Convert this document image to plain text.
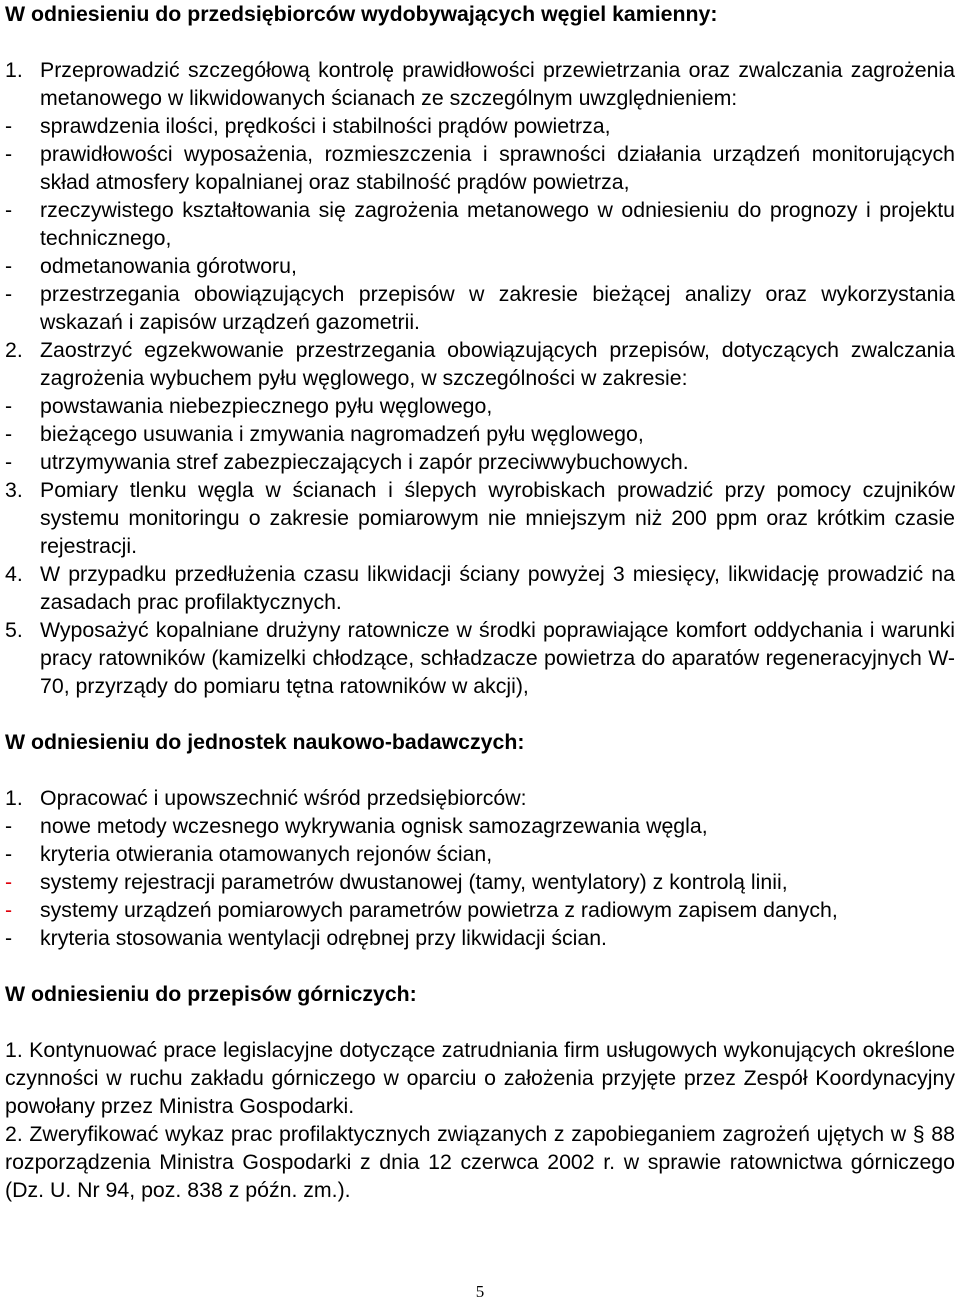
W odniesieniu do przedsiębiorców wydobywających węgiel kamienny:

1. Przeprowadzić szczegółową kontrolę prawidłowości przewietrzania oraz zwalczania zagrożenia metanowego w likwidowanych ścianach ze szczególnym uwzględnieniem:
-	sprawdzenia ilości, prędkości i stabilności prądów powietrza,
-	prawidłowości wyposażenia, rozmieszczenia i sprawności działania urządzeń monitorujących skład atmosfery kopalnianej oraz stabilność prądów powietrza,
-	rzeczywistego kształtowania się zagrożenia metanowego w odniesieniu do prognozy i projektu technicznego,
-	odmetanowania górotworu,
-	przestrzegania obowiązujących przepisów w zakresie bieżącej analizy oraz wykorzystania wskazań i zapisów urządzeń gazometrii.
2. Zaostrzyć egzekwowanie przestrzegania obowiązujących przepisów, dotyczących zwalczania zagrożenia wybuchem pyłu węglowego, w szczególności w zakresie:
-	powstawania niebezpiecznego pyłu węglowego,
-	bieżącego usuwania i zmywania nagromadzeń pyłu węglowego,
-	utrzymywania stref zabezpieczających i zapór przeciwwybuchowych.
3. Pomiary tlenku węgla w ścianach i ślepych wyrobiskach prowadzić przy pomocy czujników systemu monitoringu o zakresie pomiarowym nie mniejszym niż 200 ppm oraz krótkim czasie rejestracji.
4. W przypadku przedłużenia czasu likwidacji ściany powyżej 3 miesięcy, likwidację prowadzić na zasadach prac profilaktycznych.
5. Wyposażyć kopalniane drużyny ratownicze w środki poprawiające komfort oddychania i warunki pracy ratowników (kamizelki chłodzące, schładzacze powietrza do aparatów regeneracyjnych W-70, przyrządy do pomiaru tętna ratowników w akcji),

W odniesieniu do jednostek naukowo-badawczych:

1. Opracować i upowszechnić wśród przedsiębiorców:
-	nowe metody wczesnego wykrywania ognisk samozagrzewania węgla,
-	kryteria otwierania otamowanych rejonów ścian,
-	systemy rejestracji parametrów dwustanowej (tamy, wentylatory) z kontrolą linii,
-	systemy urządzeń pomiarowych parametrów powietrza z radiowym zapisem danych,
-	kryteria stosowania wentylacji odrębnej przy likwidacji ścian.

W odniesieniu do przepisów górniczych:

1. Kontynuować prace legislacyjne dotyczące zatrudniania firm usługowych wykonujących określone czynności w ruchu zakładu górniczego w oparciu o założenia przyjęte przez Zespół Koordynacyjny powołany przez Ministra Gospodarki.

2. Zweryfikować wykaz prac profilaktycznych związanych z zapobieganiem zagrożeń ujętych w § 88 rozporządzenia Ministra Gospodarki z dnia 12 czerwca 2002 r. w sprawie ratownictwa górniczego (Dz. U. Nr 94, poz. 838 z późn. zm.).

5
